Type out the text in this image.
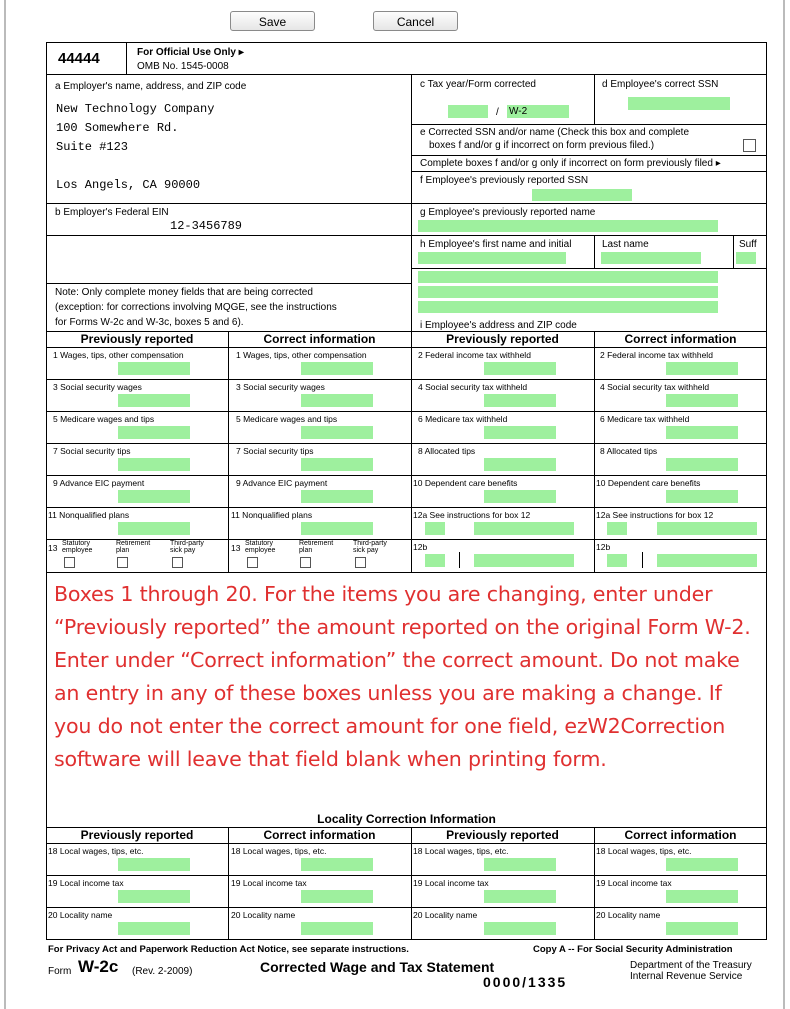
Save	Cancel
44444	For Official Use Only ▸
OMB No. 1545-0008
a Employer's name, address, and ZIP code
New Technology Company
100 Somewhere Rd.
Suite #123
Los Angels, CA 90000
b Employer's Federal EIN
12-3456789
Note: Only complete money fields that are being corrected
(exception: for corrections involving MQGE, see the instructions
for Forms W-2c and W-3c, boxes 5 and 6).
c Tax year/Form corrected
/ W-2
d Employee's correct SSN
e Corrected SSN and/or name (Check this box and complete
boxes f and/or g if incorrect on form previous filed.)
Complete boxes f and/or g only if incorrect on form previously filed ▸
f Employee's previously reported SSN
g Employee's previously reported name
h Employee's first name and initial	Last name	Suff
i Employee's address and ZIP code
Previously reported	Correct information	Previously reported	Correct information
1 Wages, tips, other compensation	1 Wages, tips, other compensation	2 Federal income tax withheld	2 Federal income tax withheld
3 Social security wages	3 Social security wages	4 Social security tax withheld	4 Social security tax withheld
5 Medicare wages and tips	5 Medicare wages and tips	6 Medicare tax withheld	6 Medicare tax withheld
7 Social security tips	7 Social security tips	8 Allocated tips	8 Allocated tips
9 Advance EIC payment	9 Advance EIC payment	10 Dependent care benefits	10 Dependent care benefits
11 Nonqualified plans	11 Nonqualified plans	12a See instructions for box 12	12a See instructions for box 12
13 Statutory employee
Retirement plan
Third-party sick pay	13 Statutory employee
Retirement plan
Third-party sick pay	12b	12b

Boxes 1 through 20. For the items you are changing, enter under “Previously reported” the amount reported on the original Form W-2. Enter under “Correct information” the correct amount. Do not make an entry in any of these boxes unless you are making a change. If you do not enter the correct amount for one field, ezW2Correction software will leave that field blank when printing form.

Locality Correction Information
Previously reported	Correct information	Previously reported	Correct information
18 Local wages, tips, etc.	18 Local wages, tips, etc.	18 Local wages, tips, etc.	18 Local wages, tips, etc.
19 Local income tax	19 Local income tax	19 Local income tax	19 Local income tax
20 Locality name	20 Locality name	20 Locality name	20 Locality name
For Privacy Act and Paperwork Reduction Act Notice, see separate instructions.	Copy A -- For Social Security Administration
Form W-2c (Rev. 2-2009)	Corrected Wage and Tax Statement
0000/1335
Department of the Treasury
Internal Revenue Service
